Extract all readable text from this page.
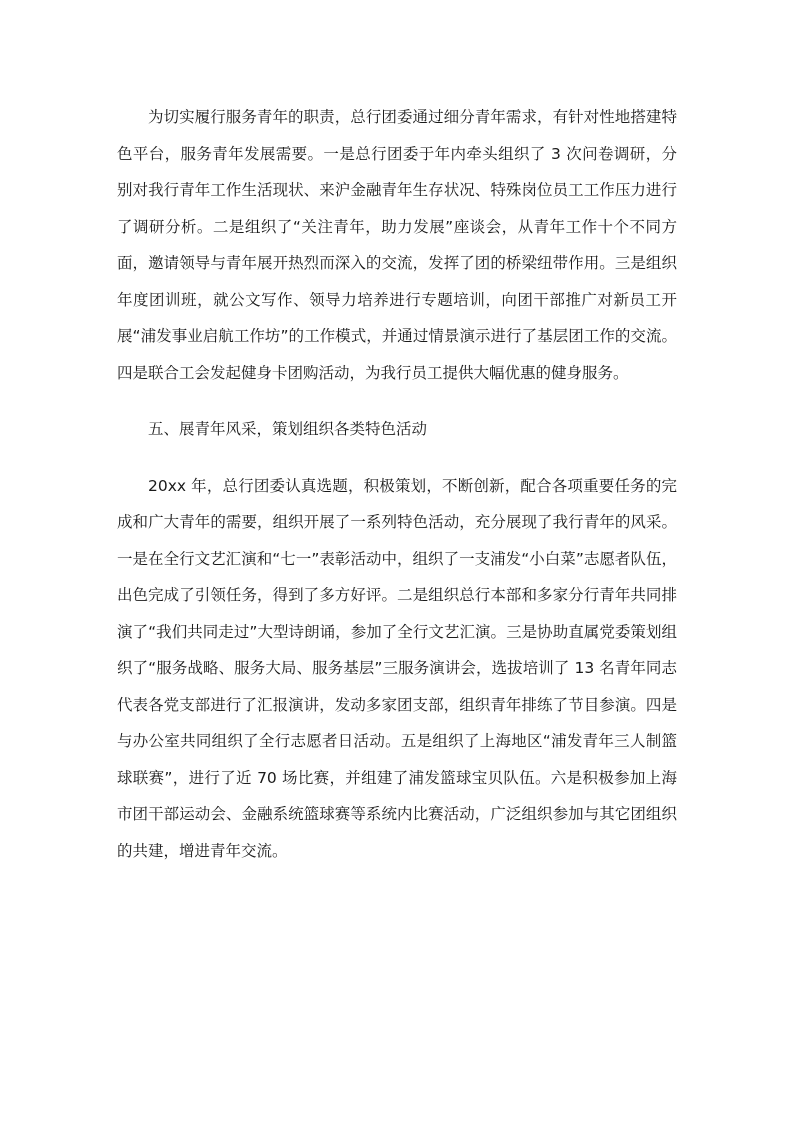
为切实履行服务青年的职责，总行团委通过细分青年需求，有针对性地搭建特色平台，服务青年发展需要。一是总行团委于年内牵头组织了 3 次问卷调研，分别对我行青年工作生活现状、来沪金融青年生存状况、特殊岗位员工工作压力进行了调研分析。二是组织了“关注青年，助力发展”座谈会，从青年工作十个不同方面，邀请领导与青年展开热烈而深入的交流，发挥了团的桥梁纽带作用。三是组织年度团训班，就公文写作、领导力培养进行专题培训，向团干部推广对新员工开展“浦发事业启航工作坊”的工作模式，并通过情景演示进行了基层团工作的交流。四是联合工会发起健身卡团购活动，为我行员工提供大幅优惠的健身服务。

五、展青年风采，策划组织各类特色活动

20xx 年，总行团委认真选题，积极策划，不断创新，配合各项重要任务的完成和广大青年的需要，组织开展了一系列特色活动，充分展现了我行青年的风采。一是在全行文艺汇演和“七一”表彰活动中，组织了一支浦发“小白菜”志愿者队伍，出色完成了引领任务，得到了多方好评。二是组织总行本部和多家分行青年共同排演了“我们共同走过”大型诗朗诵，参加了全行文艺汇演。三是协助直属党委策划组织了“服务战略、服务大局、服务基层”三服务演讲会，选拔培训了 13 名青年同志代表各党支部进行了汇报演讲，发动多家团支部，组织青年排练了节目参演。四是与办公室共同组织了全行志愿者日活动。五是组织了上海地区“浦发青年三人制篮球联赛”，进行了近 70 场比赛，并组建了浦发篮球宝贝队伍。六是积极参加上海市团干部运动会、金融系统篮球赛等系统内比赛活动，广泛组织参加与其它团组织的共建，增进青年交流。
